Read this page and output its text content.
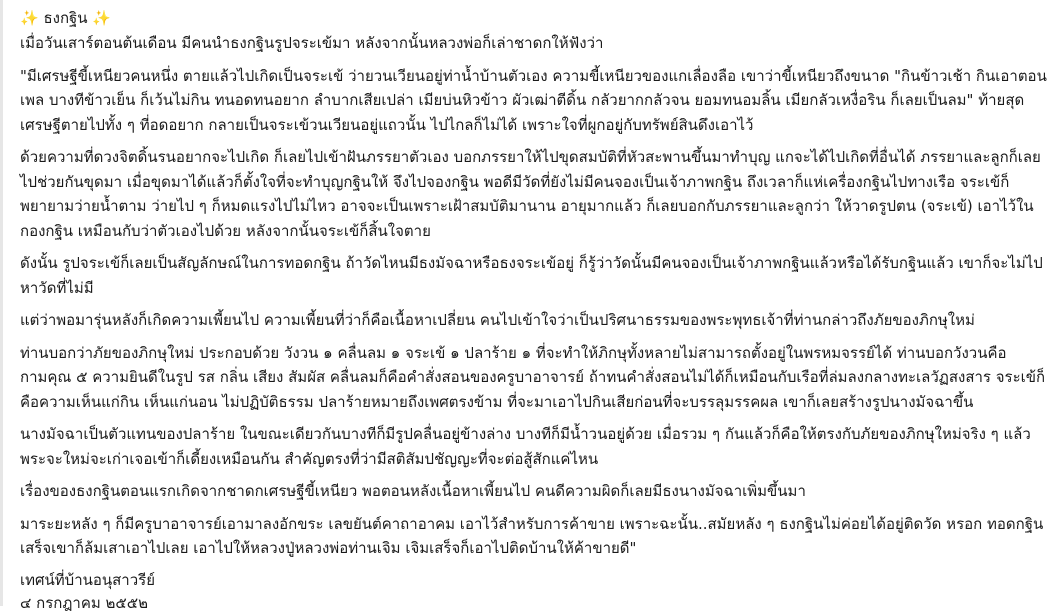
✨ ธงกฐิน ✨
เมื่อวันเสาร์ตอนต้นเดือน มีคนนำธงกฐินรูปจระเข้มา หลังจากนั้นหลวงพ่อก็เล่าชาดกให้ฟังว่า
"มีเศรษฐีขี้เหนียวคนหนึ่ง ตายแล้วไปเกิดเป็นจระเข้ ว่ายวนเวียนอยู่ท่าน้ำบ้านตัวเอง ความขี้เหนียวของแกเลื่องลือ เขาว่าขี้เหนียวถึงขนาด "กินข้าวเช้า กินเอาตอนเพล บางทีข้าวเย็น ก็เว้นไม่กิน ทนอดทนอยาก ลำบากเสียเปล่า เมียบ่นหิวข้าว ผัวเฒ่าตีดิ้น กลัวยากกลัวจน ยอมทนอมลิ้น เมียกลัวเหงื่อริน ก็เลยเป็นลม" ท้ายสุดเศรษฐีตายไปทั้ง ๆ ที่อดอยาก กลายเป็นจระเข้วนเวียนอยู่แถวนั้น ไปไกลก็ไม่ได้ เพราะใจที่ผูกอยู่กับทรัพย์สินดึงเอาไว้
ด้วยความที่ดวงจิตดิ้นรนอยากจะไปเกิด ก็เลยไปเข้าฝันภรรยาตัวเอง บอกภรรยาให้ไปขุดสมบัติที่หัวสะพานขึ้นมาทำบุญ แกจะได้ไปเกิดที่อื่นได้ ภรรยาและลูกก็เลยไปช่วยกันขุดมา เมื่อขุดมาได้แล้วก็ตั้งใจที่จะทำบุญกฐินให้ จึงไปจองกฐิน พอดีมีวัดที่ยังไม่มีคนจองเป็นเจ้าภาพกฐิน ถึงเวลาก็แห่เครื่องกฐินไปทางเรือ จระเข้ก็พยายามว่ายน้ำตาม ว่ายไป ๆ ก็หมดแรงไปไม่ไหว อาจจะเป็นเพราะเฝ้าสมบัติมานาน อายุมากแล้ว ก็เลยบอกกับภรรยาและลูกว่า ให้วาดรูปตน (จระเข้) เอาไว้ในกองกฐิน เหมือนกับว่าตัวเองไปด้วย หลังจากนั้นจระเข้ก็สิ้นใจตาย
ดังนั้น รูปจระเข้ก็เลยเป็นสัญลักษณ์ในการทอดกฐิน ถ้าวัดไหนมีธงมัจฉาหรือธงจระเข้อยู่ ก็รู้ว่าวัดนั้นมีคนจองเป็นเจ้าภาพกฐินแล้วหรือได้รับกฐินแล้ว เขาก็จะไม่ไปหาวัดที่ไม่มี
แต่ว่าพอมารุ่นหลังก็เกิดความเพี้ยนไป ความเพี้ยนที่ว่าก็คือเนื้อหาเปลี่ยน คนไปเข้าใจว่าเป็นปริศนาธรรมของพระพุทธเจ้าที่ท่านกล่าวถึงภัยของภิกษุใหม่
ท่านบอกว่าภัยของภิกษุใหม่ ประกอบด้วย วังวน ๑ คลื่นลม ๑ จระเข้ ๑ ปลาร้าย ๑ ที่จะทำให้ภิกษุทั้งหลายไม่สามารถตั้งอยู่ในพรหมจรรย์ได้ ท่านบอกวังวนคือกามคุณ ๕ ความยินดีในรูป รส กลิ่น เสียง สัมผัส คลื่นลมก็คือคำสั่งสอนของครูบาอาจารย์ ถ้าทนคำสั่งสอนไม่ได้ก็เหมือนกับเรือที่ล่มลงกลางทะเลวัฏสงสาร จระเข้ก็คือความเห็นแก่กิน เห็นแก่นอน ไม่ปฏิบัติธรรม ปลาร้ายหมายถึงเพศตรงข้าม ที่จะมาเอาไปกินเสียก่อนที่จะบรรลุมรรคผล เขาก็เลยสร้างรูปนางมัจฉาขึ้น
นางมัจฉาเป็นตัวแทนของปลาร้าย ในขณะเดียวกันบางทีก็มีรูปคลื่นอยู่ข้างล่าง บางทีก็มีน้ำวนอยู่ด้วย เมื่อรวม ๆ กันแล้วก็คือให้ตรงกับภัยของภิกษุใหม่จริง ๆ แล้ว พระจะใหม่จะเก่าเจอเข้าก็เดี้ยงเหมือนกัน สำคัญตรงที่ว่ามีสติสัมปชัญญะที่จะต่อสู้สักแค่ไหน
เรื่องของธงกฐินตอนแรกเกิดจากชาดกเศรษฐีขี้เหนียว พอตอนหลังเนื้อหาเพี้ยนไป คนดีความผิดก็เลยมีธงนางมัจฉาเพิ่มขึ้นมา
มาระยะหลัง ๆ ก็มีครูบาอาจารย์เอามาลงอักขระ เลขยันต์คาถาอาคม เอาไว้สำหรับการค้าขาย เพราะฉะนั้น..สมัยหลัง ๆ ธงกฐินไม่ค่อยได้อยู่ติดวัด หรอก ทอดกฐินเสร็จเขาก็ล้มเสาเอาไปเลย เอาไปให้หลวงปู่หลวงพ่อท่านเจิม เจิมเสร็จก็เอาไปติดบ้านให้ค้าขายดี"
เทศน์ที่บ้านอนุสาวรีย์
๔ กรกฎาคม ๒๕๕๒
